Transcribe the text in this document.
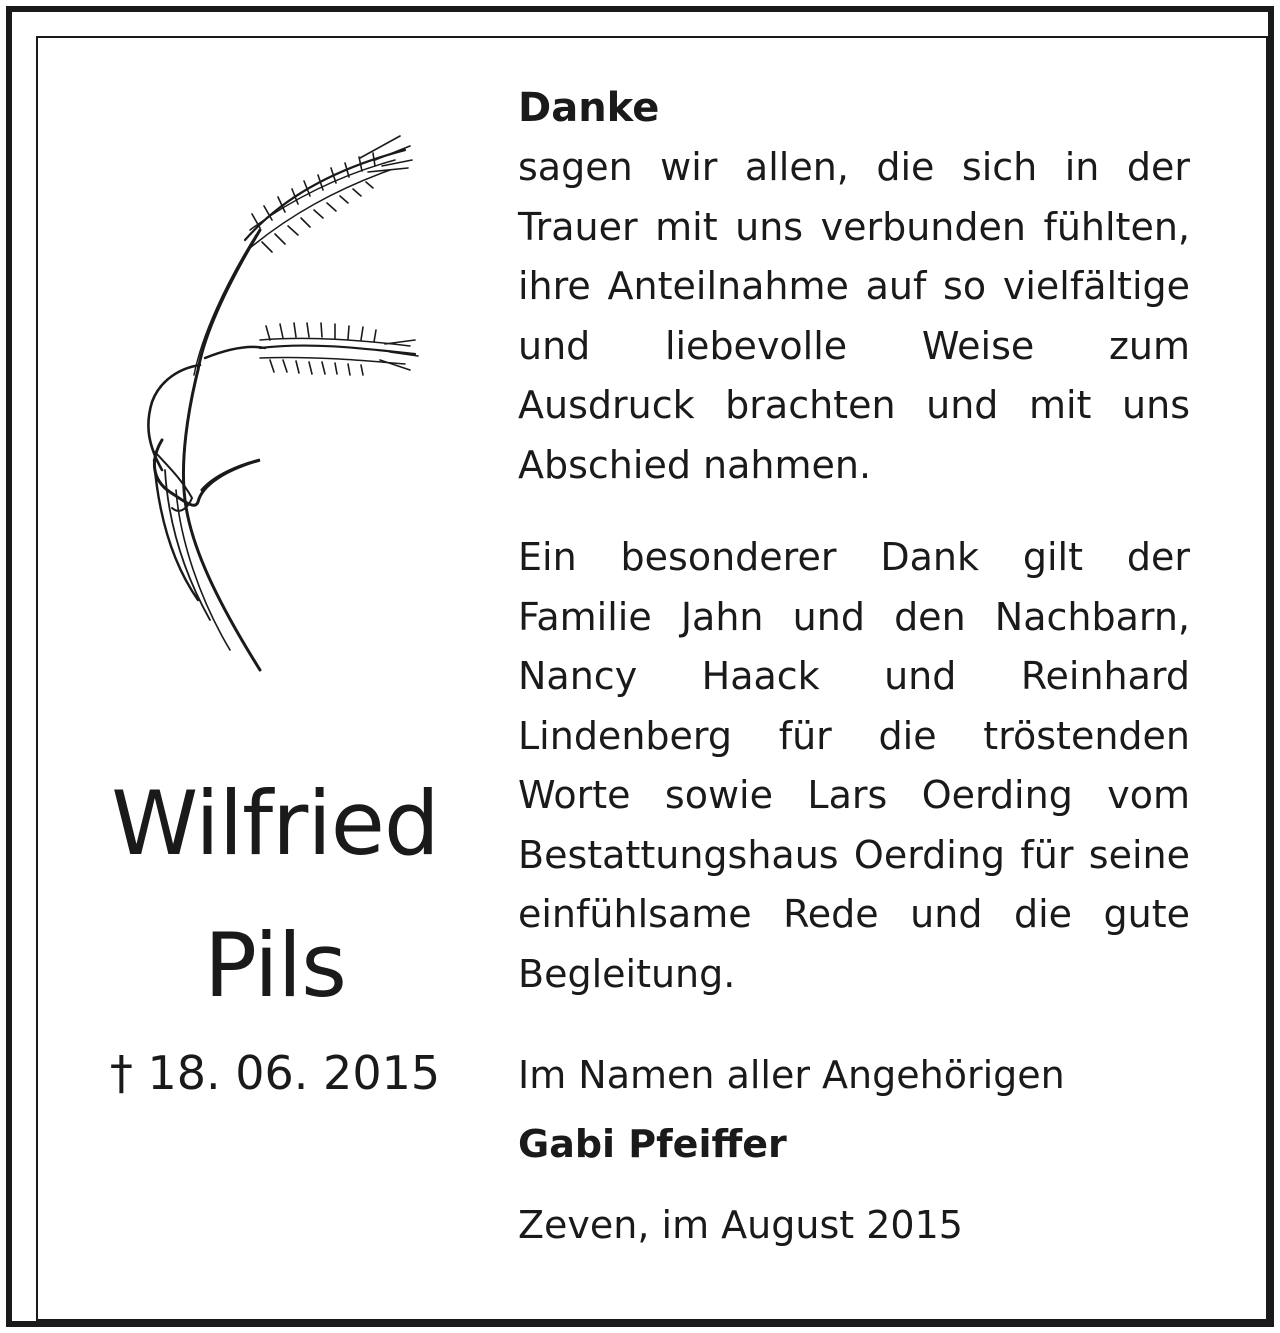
Wilfried
Pils
† 18. 06. 2015
Danke
sagen wir allen, die sich in der Trauer mit uns verbunden fühlten, ihre Anteilnahme auf so vielfältige und liebevolle Weise zum Ausdruck brachten und mit uns Abschied nahmen.
Ein besonderer Dank gilt der Familie Jahn und den Nachbarn, Nancy Haack und Reinhard Lindenberg für die tröstenden Worte sowie Lars Oerding vom Bestattungshaus Oerding für seine einfühlsame Rede und die gute Begleitung.
Im Namen aller Angehörigen
Gabi Pfeiffer
Zeven, im August 2015
